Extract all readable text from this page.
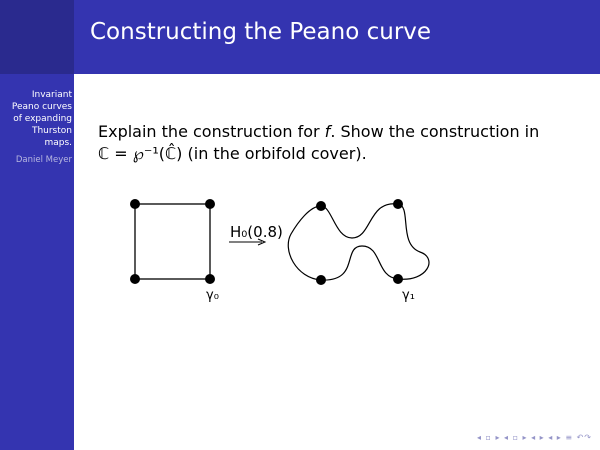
Invariant Peano curves of expanding Thurston maps.
Daniel Meyer
Constructing the Peano curve
Explain the construction for f. Show the construction in
ℂ = ℘⁻¹(ℂ̂) (in the orbifold cover).
γ₀
H₀(0.8)
γ₁
◂ ▫ ▸ ◂ ▫ ▸ ◂ ▸ ◂ ▸ ≡ ↶↷
